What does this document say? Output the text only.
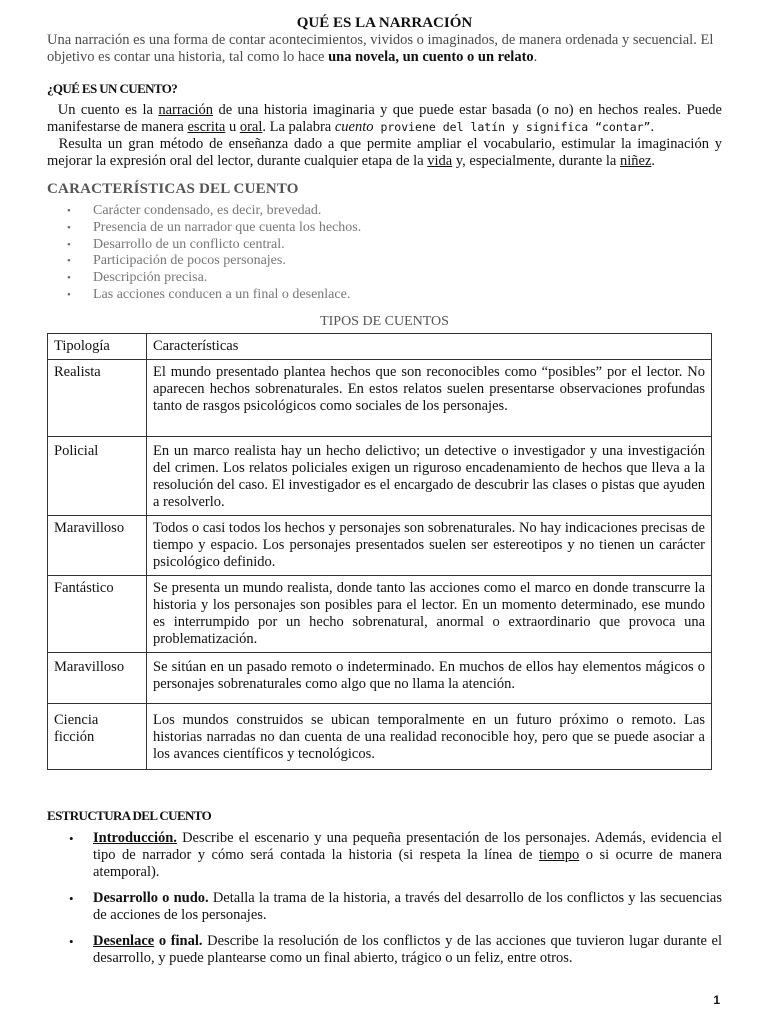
QUÉ ES LA NARRACIÓN

Una narración es una forma de contar acontecimientos, vividos o imaginados, de manera ordenada y secuencial. El objetivo es contar una historia, tal como lo hace una novela, un cuento o un relato.

¿QUÉ ES UN CUENTO?

Un cuento es la narración de una historia imaginaria y que puede estar basada (o no) en hechos reales. Puede manifestarse de manera escrita u oral. La palabra cuento proviene del latín y significa “contar”.

Resulta un gran método de enseñanza dado a que permite ampliar el vocabulario, estimular la imaginación y mejorar la expresión oral del lector, durante cualquier etapa de la vida y, especialmente, durante la niñez.

CARACTERÍSTICAS DEL CUENTO
• Carácter condensado, es decir, brevedad.
• Presencia de un narrador que cuenta los hechos.
• Desarrollo de un conflicto central.
• Participación de pocos personajes.
• Descripción precisa.
• Las acciones conducen a un final o desenlace.
TIPOS DE CUENTOS
Tipología	Características
Realista	El mundo presentado plantea hechos que son reconocibles como “posibles” por el lector. No aparecen hechos sobrenaturales. En estos relatos suelen presentarse observaciones profundas tanto de rasgos psicológicos como sociales de los personajes.
Policial	En un marco realista hay un hecho delictivo; un detective o investigador y una investigación del crimen. Los relatos policiales exigen un riguroso encadenamiento de hechos que lleva a la resolución del caso. El investigador es el encargado de descubrir las clases o pistas que ayuden a resolverlo.
Maravilloso	Todos o casi todos los hechos y personajes son sobrenaturales. No hay indicaciones precisas de tiempo y espacio. Los personajes presentados suelen ser estereotipos y no tienen un carácter psicológico definido.
Fantástico	Se presenta un mundo realista, donde tanto las acciones como el marco en donde transcurre la historia y los personajes son posibles para el lector. En un momento determinado, ese mundo es interrumpido por un hecho sobrenatural, anormal o extraordinario que provoca una problematización.
Maravilloso	Se sitúan en un pasado remoto o indeterminado. En muchos de ellos hay elementos mágicos o personajes sobrenaturales como algo que no llama la atención.
Ciencia ficción	Los mundos construidos se ubican temporalmente en un futuro próximo o remoto. Las historias narradas no dan cuenta de una realidad reconocible hoy, pero que se puede asociar a los avances científicos y tecnológicos.
ESTRUCTURA DEL CUENTO
• Introducción. Describe el escenario y una pequeña presentación de los personajes. Además, evidencia el tipo de narrador y cómo será contada la historia (si respeta la línea de tiempo o si ocurre de manera atemporal).
• Desarrollo o nudo. Detalla la trama de la historia, a través del desarrollo de los conflictos y las secuencias de acciones de los personajes.
• Desenlace o final. Describe la resolución de los conflictos y de las acciones que tuvieron lugar durante el desarrollo, y puede plantearse como un final abierto, trágico o un feliz, entre otros.
1
